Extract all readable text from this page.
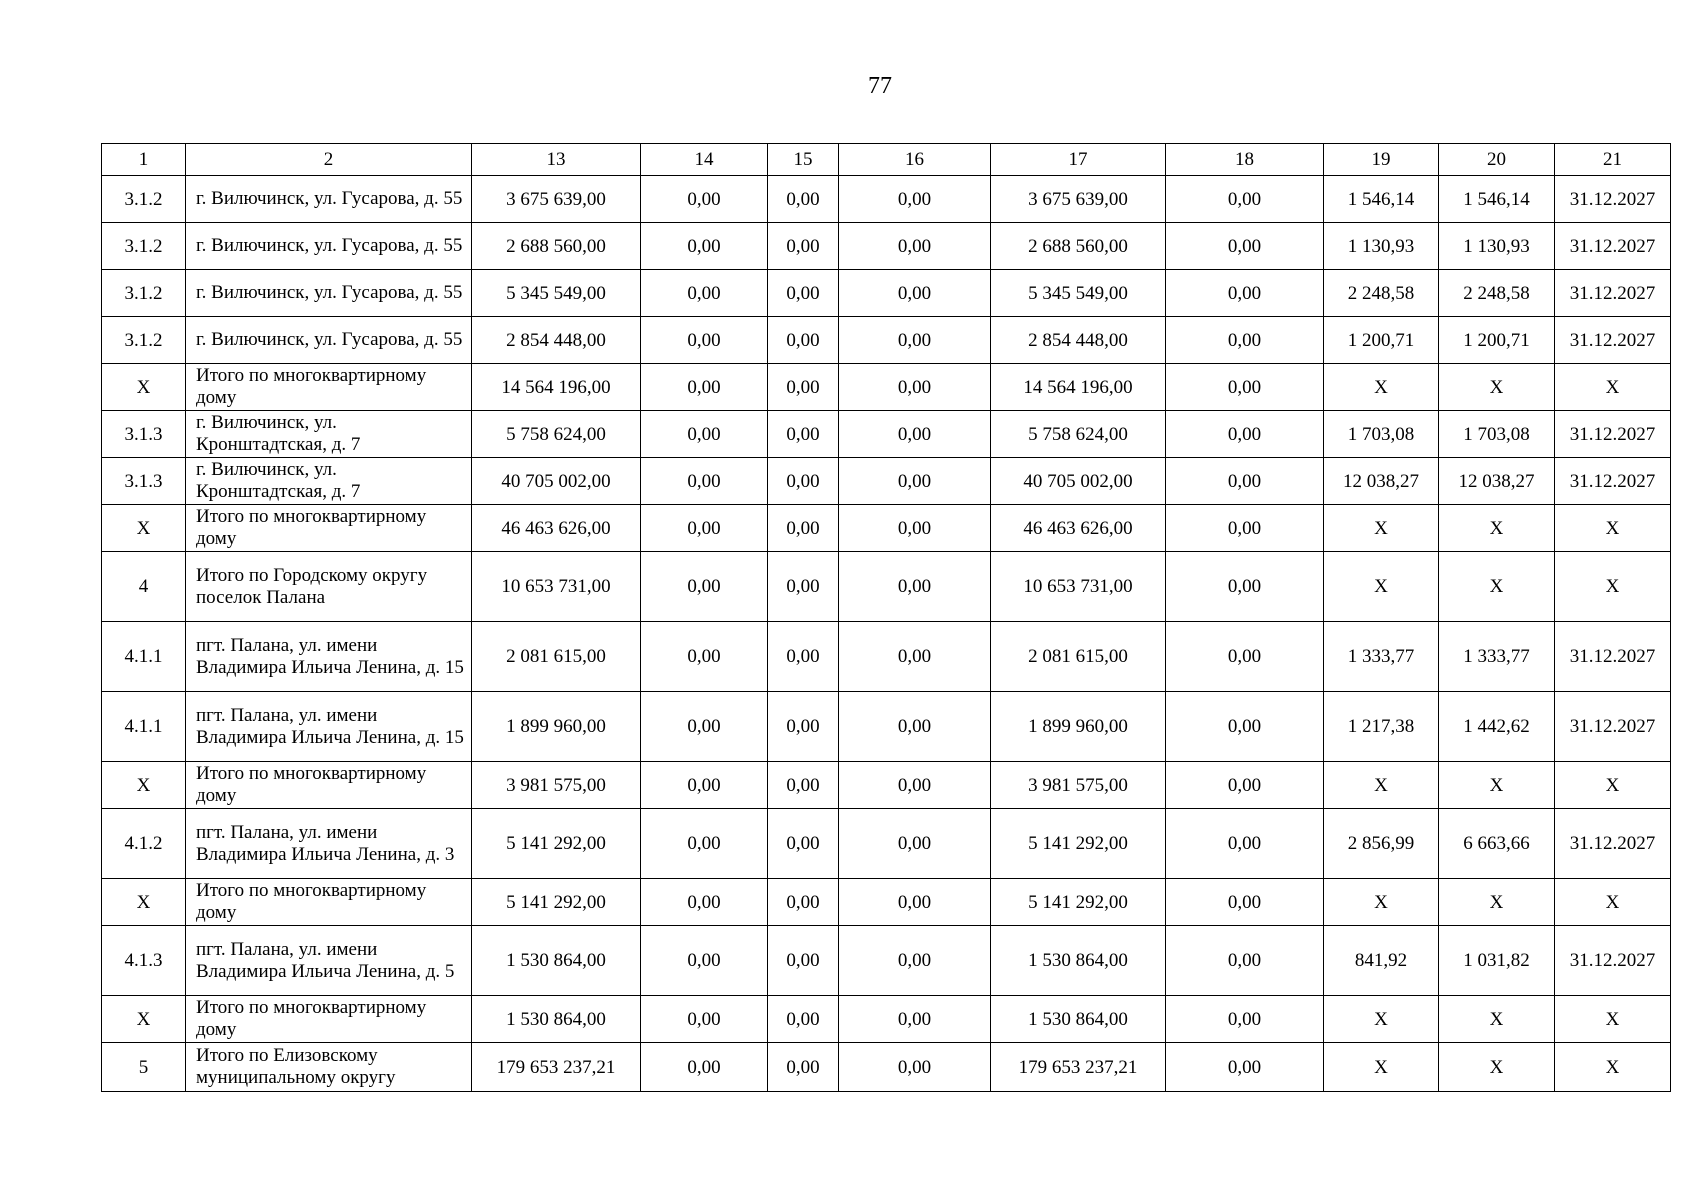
77
1	2	13	14	15	16	17	18	19	20	21
3.1.2	г. Вилючинск, ул. Гусарова, д. 55	3 675 639,00	0,00	0,00	0,00	3 675 639,00	0,00	1 546,14	1 546,14	31.12.2027
3.1.2	г. Вилючинск, ул. Гусарова, д. 55	2 688 560,00	0,00	0,00	0,00	2 688 560,00	0,00	1 130,93	1 130,93	31.12.2027
3.1.2	г. Вилючинск, ул. Гусарова, д. 55	5 345 549,00	0,00	0,00	0,00	5 345 549,00	0,00	2 248,58	2 248,58	31.12.2027
3.1.2	г. Вилючинск, ул. Гусарова, д. 55	2 854 448,00	0,00	0,00	0,00	2 854 448,00	0,00	1 200,71	1 200,71	31.12.2027
X	Итого по многоквартирному дому	14 564 196,00	0,00	0,00	0,00	14 564 196,00	0,00	X	X	X
3.1.3	г. Вилючинск, ул. Кронштадтская, д. 7	5 758 624,00	0,00	0,00	0,00	5 758 624,00	0,00	1 703,08	1 703,08	31.12.2027
3.1.3	г. Вилючинск, ул. Кронштадтская, д. 7	40 705 002,00	0,00	0,00	0,00	40 705 002,00	0,00	12 038,27	12 038,27	31.12.2027
X	Итого по многоквартирному дому	46 463 626,00	0,00	0,00	0,00	46 463 626,00	0,00	X	X	X
4	Итого по Городскому округу поселок Палана	10 653 731,00	0,00	0,00	0,00	10 653 731,00	0,00	X	X	X
4.1.1	пгт. Палана, ул. имени Владимира Ильича Ленина, д. 15	2 081 615,00	0,00	0,00	0,00	2 081 615,00	0,00	1 333,77	1 333,77	31.12.2027
4.1.1	пгт. Палана, ул. имени Владимира Ильича Ленина, д. 15	1 899 960,00	0,00	0,00	0,00	1 899 960,00	0,00	1 217,38	1 442,62	31.12.2027
X	Итого по многоквартирному дому	3 981 575,00	0,00	0,00	0,00	3 981 575,00	0,00	X	X	X
4.1.2	пгт. Палана, ул. имени Владимира Ильича Ленина, д. 3	5 141 292,00	0,00	0,00	0,00	5 141 292,00	0,00	2 856,99	6 663,66	31.12.2027
X	Итого по многоквартирному дому	5 141 292,00	0,00	0,00	0,00	5 141 292,00	0,00	X	X	X
4.1.3	пгт. Палана, ул. имени Владимира Ильича Ленина, д. 5	1 530 864,00	0,00	0,00	0,00	1 530 864,00	0,00	841,92	1 031,82	31.12.2027
X	Итого по многоквартирному дому	1 530 864,00	0,00	0,00	0,00	1 530 864,00	0,00	X	X	X
5	Итого по Елизовскому муниципальному округу	179 653 237,21	0,00	0,00	0,00	179 653 237,21	0,00	X	X	X
